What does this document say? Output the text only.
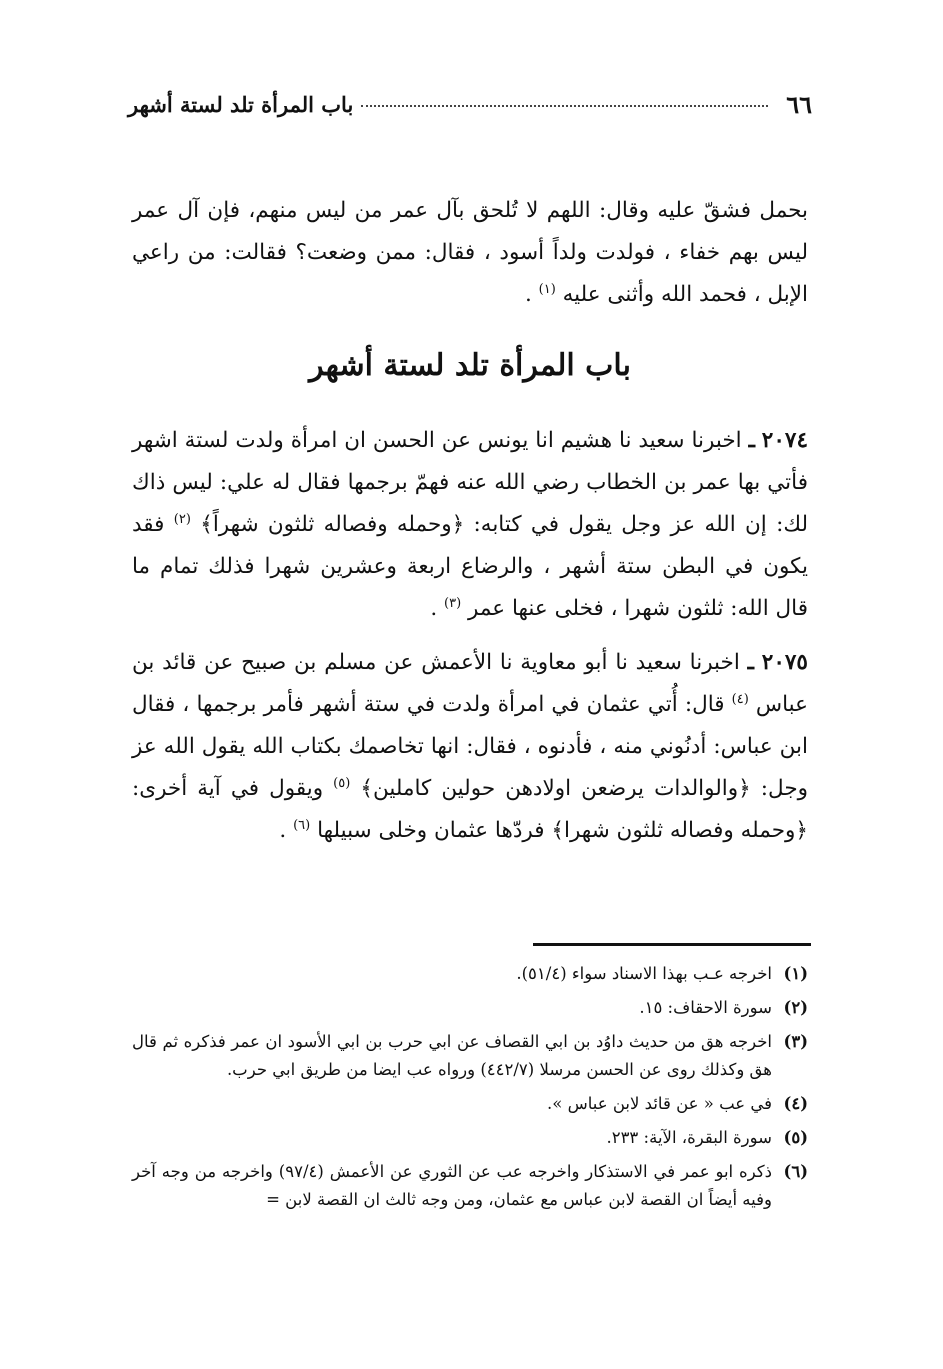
٦٦
باب المرأة تلد لستة أشهر

بحمل فشقّ عليه وقال: اللهم لا تُلحق بآل عمر من ليس منهم، فإن آل عمر ليس بهم خفاء ، فولدت ولداً أسود ، فقال: ممن وضعت؟ فقالت: من راعي الإبل ، فحمد الله وأثنى عليه $^{(١)}$ .

باب المرأة تلد لستة أشهر

٢٠٧٤ ـ اخبرنا سعيد نا هشيم انا يونس عن الحسن ان امرأة ولدت لستة اشهر فأتي بها عمر بن الخطاب رضي الله عنه فهمّ برجمها فقال له علي: ليس ذاك لك: إن الله عز وجل يقول في كتابه: ﴿وحمله وفصاله ثلثون شهراً﴾ $^{(٢)}$ فقد يكون في البطن ستة أشهر ، والرضاع اربعة وعشرين شهرا فذلك تمام ما قال الله: ثلثون شهرا ، فخلى عنها عمر $^{(٣)}$ .

٢٠٧٥ ـ اخبرنا سعيد نا أبو معاوية نا الأعمش عن مسلم بن صبيح عن قائد بن عباس $^{(٤)}$ قال: أُتي عثمان في امرأة ولدت في ستة أشهر فأمر برجمها ، فقال ابن عباس: أدنُوني منه ، فأدنوه ، فقال: انها تخاصمك بكتاب الله يقول الله عز وجل: ﴿والوالدات يرضعن اولادهن حولين كاملين﴾ $^{(٥)}$ ويقول في آية أخرى: ﴿وحمله وفصاله ثلثون شهرا﴾ فردّها عثمان وخلى سبيلها $^{(٦)}$ .

(١)
اخرجه عـب بهذا الاسناد سواء (٥١/٤).
(٢)
سورة الاحقاف: ١٥.
(٣)
اخرجه هق من حديث داوُد بن ابي القصاف عن ابي حرب بن ابي الأسود ان عمر فذكره ثم قال هق وكذلك روى عن الحسن مرسلا (٤٤٢/٧) ورواه عب ايضا من طريق ابي حرب.
(٤)
في عب « عن قائد لابن عباس ».
(٥)
سورة البقرة، الآية: ٢٣٣.
(٦)
ذكره ابو عمر في الاستذكار واخرجه عب عن الثوري عن الأعمش (٩٧/٤) واخرجه من وجه آخر وفيه أيضاً ان القصة لابن عباس مع عثمان، ومن وجه ثالث ان القصة لابن =
